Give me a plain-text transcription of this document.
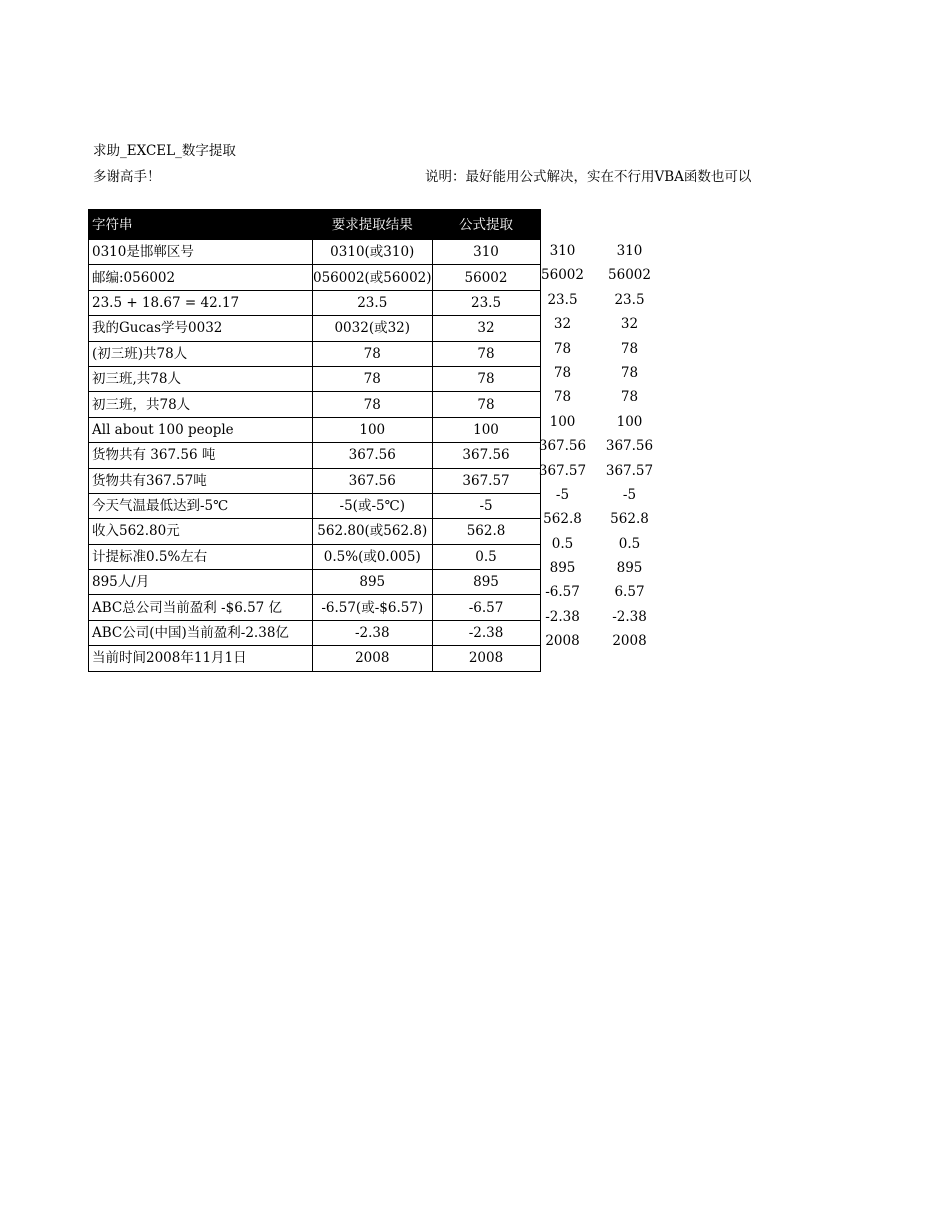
求助_EXCEL_数字提取
多谢高手！	说明：最好能用公式解决，实在不行用VBA函数也可以
字符串	要求提取结果	公式提取
0310是邯郸区号	0310(或310)	310
邮编:056002	056002(或56002)	56002
23.5 + 18.67 = 42.17	23.5	23.5
我的Gucas学号0032	0032(或32)	32
(初三班)共78人	78	78
初三班,共78人	78	78
初三班，共78人	78	78
All about 100 people	100	100
货物共有 367.56 吨	367.56	367.56
货物共有367.57吨	367.56	367.57
今天气温最低达到-5℃	-5(或-5℃)	-5
收入562.80元	562.80(或562.8)	562.8
计提标准0.5%左右	0.5%(或0.005)	0.5
895人/月	895	895
ABC总公司当前盈利 -$6.57 亿	-6.57(或-$6.57)	-6.57
ABC公司(中国)当前盈利-2.38亿	-2.38	-2.38
当前时间2008年11月1日	2008	2008
310	310
56002	56002
23.5	23.5
32	32
78	78
78	78
78	78
100	100
367.56	367.56
367.57	367.57
-5	-5
562.8	562.8
0.5	0.5
895	895
-6.57	6.57
-2.38	-2.38
2008	2008
